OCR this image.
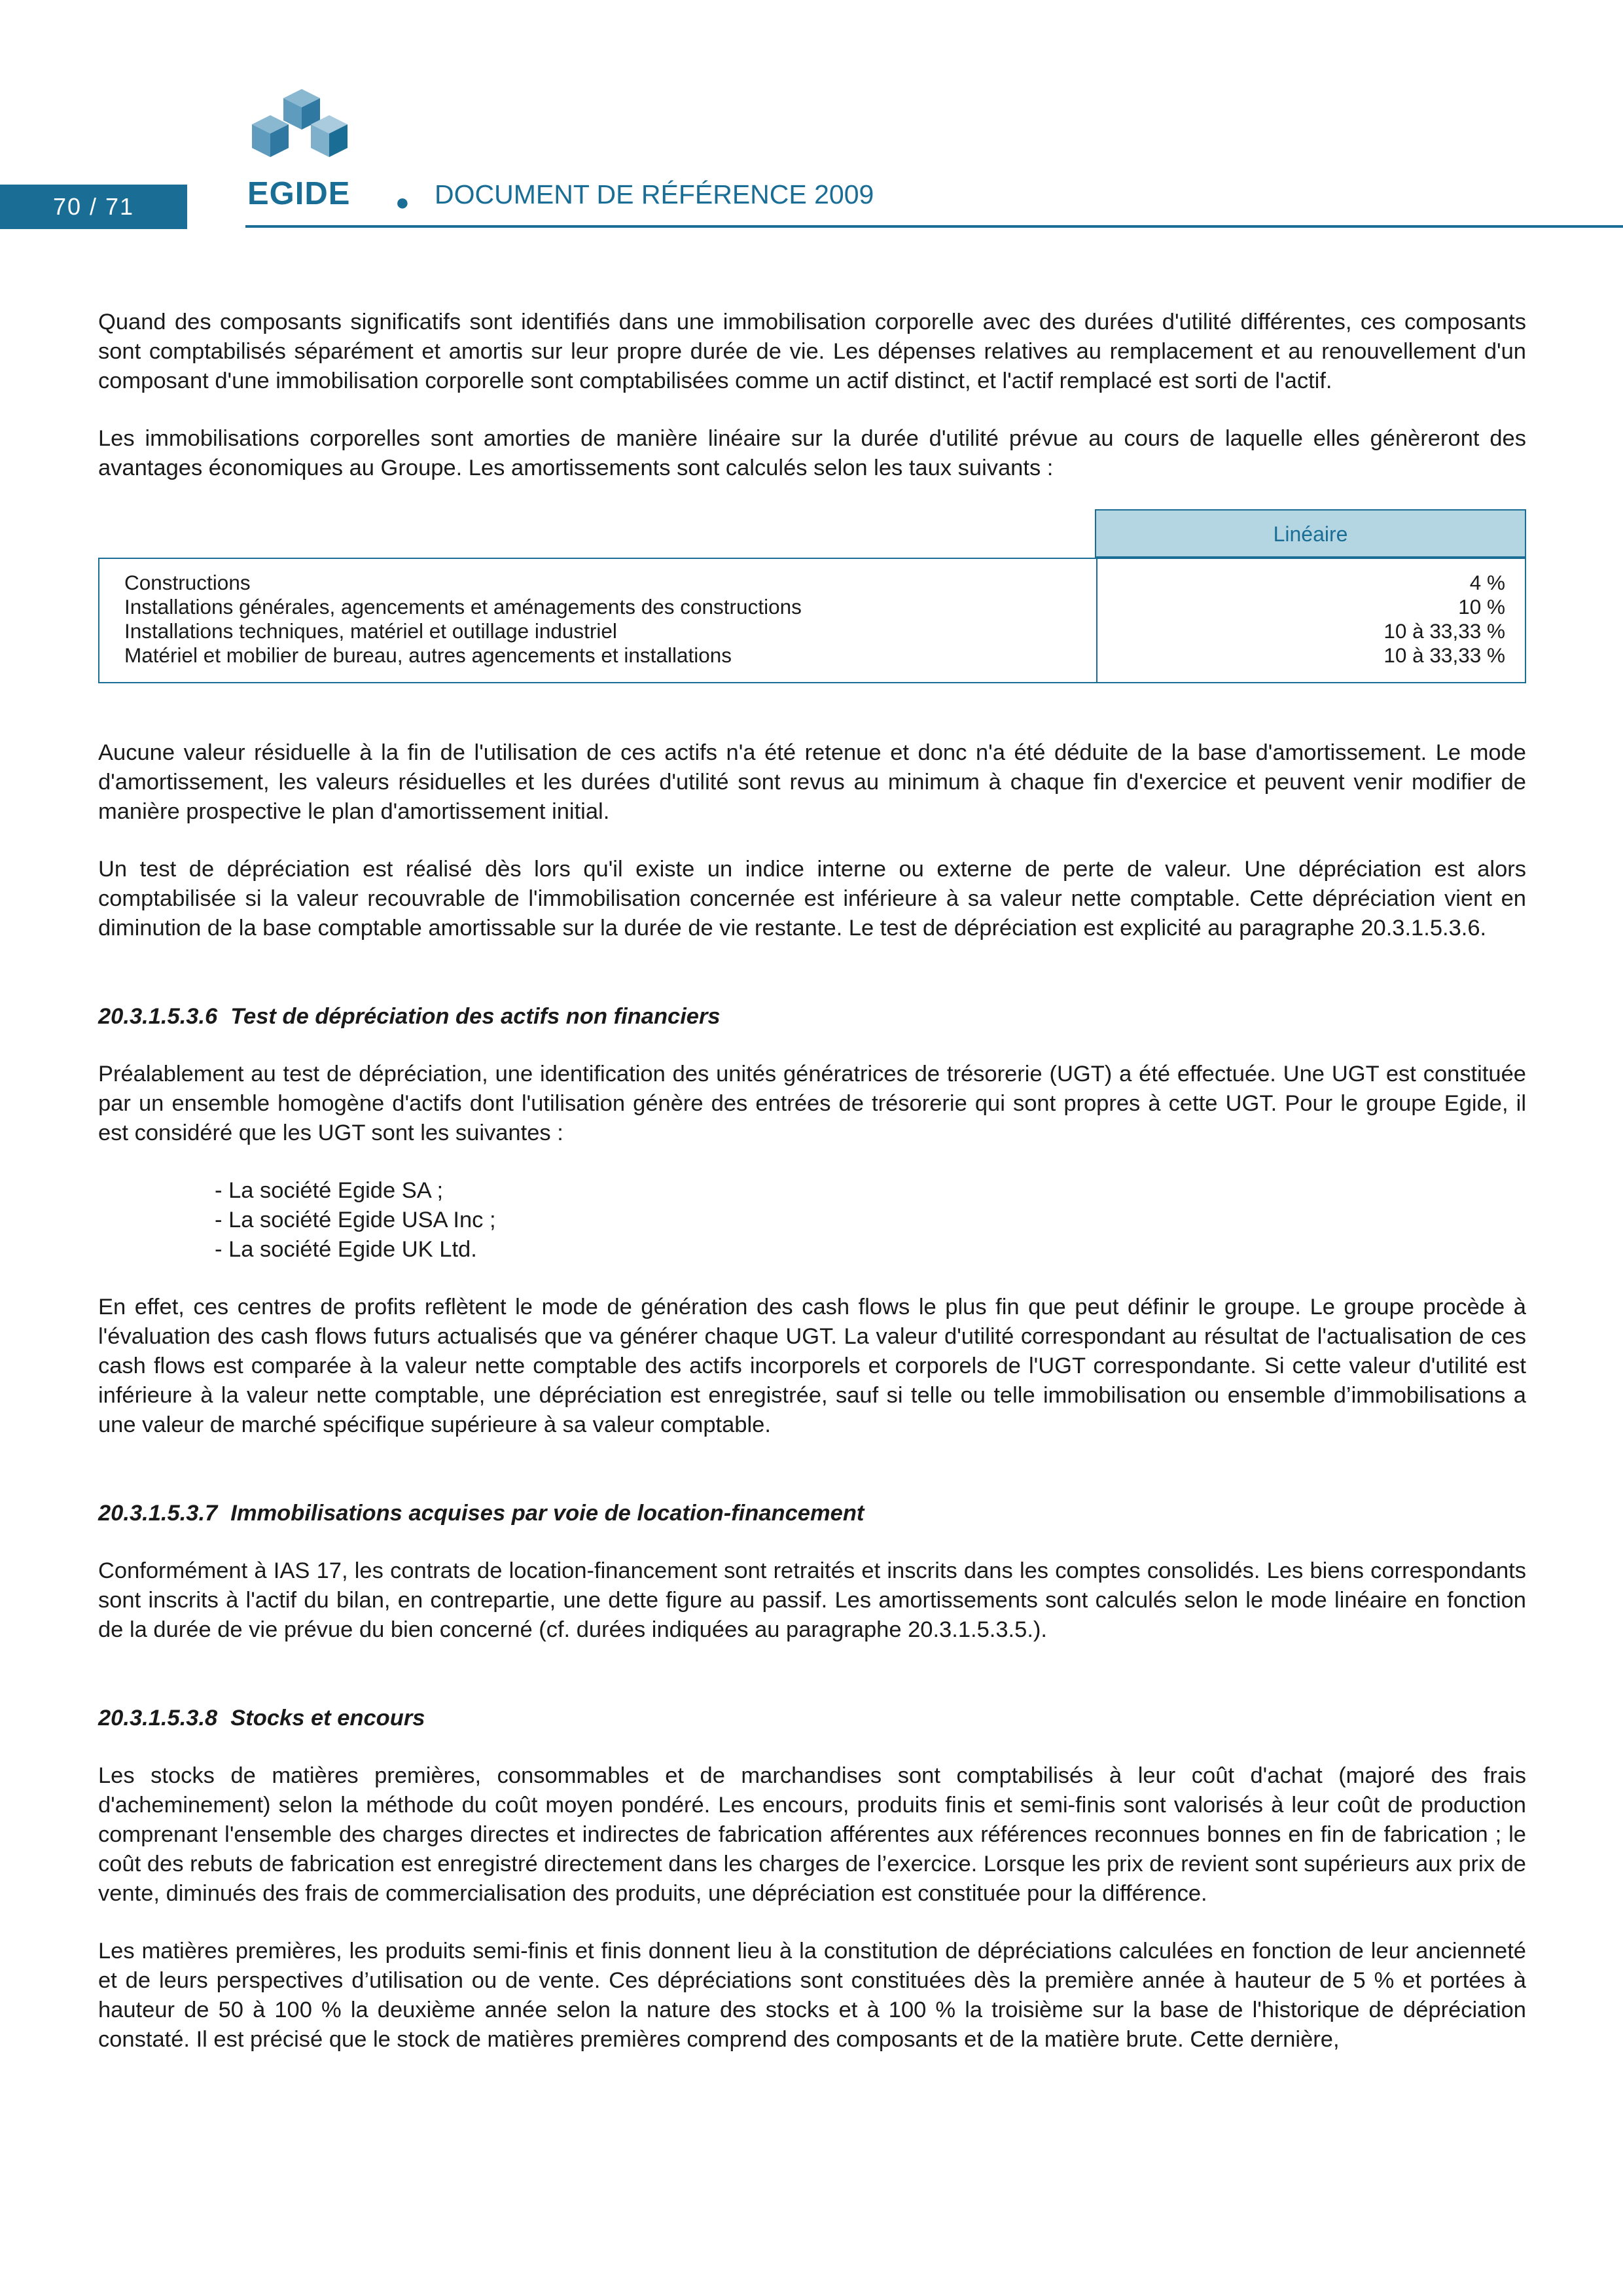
70 / 71	EGIDE ● DOCUMENT DE RÉFÉRENCE 2009

Quand des composants significatifs sont identifiés dans une immobilisation corporelle avec des durées d'utilité différentes, ces composants sont comptabilisés séparément et amortis sur leur propre durée de vie. Les dépenses relatives au remplacement et au renouvellement d'un composant d'une immobilisation corporelle sont comptabilisées comme un actif distinct, et l'actif remplacé est sorti de l'actif.

Les immobilisations corporelles sont amorties de manière linéaire sur la durée d'utilité prévue au cours de laquelle elles génèreront des avantages économiques au Groupe. Les amortissements sont calculés selon les taux suivants :

Linéaire
Constructions
Installations générales, agencements et aménagements des constructions
Installations techniques, matériel et outillage industriel
Matériel et mobilier de bureau, autres agencements et installations
4 %
10 %
10 à 33,33 %
10 à 33,33 %

Aucune valeur résiduelle à la fin de l'utilisation de ces actifs n'a été retenue et donc n'a été déduite de la base d'amortissement. Le mode d'amortissement, les valeurs résiduelles et les durées d'utilité sont revus au minimum à chaque fin d'exercice et peuvent venir modifier de manière prospective le plan d'amortissement initial.

Un test de dépréciation est réalisé dès lors qu'il existe un indice interne ou externe de perte de valeur. Une dépréciation est alors comptabilisée si la valeur recouvrable de l'immobilisation concernée est inférieure à sa valeur nette comptable. Cette dépréciation vient en diminution de la base comptable amortissable sur la durée de vie restante. Le test de dépréciation est explicité au paragraphe 20.3.1.5.3.6.

20.3.1.5.3.6 Test de dépréciation des actifs non financiers

Préalablement au test de dépréciation, une identification des unités génératrices de trésorerie (UGT) a été effectuée. Une UGT est constituée par un ensemble homogène d'actifs dont l'utilisation génère des entrées de trésorerie qui sont propres à cette UGT. Pour le groupe Egide, il est considéré que les UGT sont les suivantes :

- La société Egide SA ;
- La société Egide USA Inc ;
- La société Egide UK Ltd.

En effet, ces centres de profits reflètent le mode de génération des cash flows le plus fin que peut définir le groupe. Le groupe procède à l'évaluation des cash flows futurs actualisés que va générer chaque UGT. La valeur d'utilité correspondant au résultat de l'actualisation de ces cash flows est comparée à la valeur nette comptable des actifs incorporels et corporels de l'UGT correspondante. Si cette valeur d'utilité est inférieure à la valeur nette comptable, une dépréciation est enregistrée, sauf si telle ou telle immobilisation ou ensemble d’immobilisations a une valeur de marché spécifique supérieure à sa valeur comptable.

20.3.1.5.3.7 Immobilisations acquises par voie de location-financement

Conformément à IAS 17, les contrats de location-financement sont retraités et inscrits dans les comptes consolidés. Les biens correspondants sont inscrits à l'actif du bilan, en contrepartie, une dette figure au passif. Les amortissements sont calculés selon le mode linéaire en fonction de la durée de vie prévue du bien concerné (cf. durées indiquées au paragraphe 20.3.1.5.3.5.).

20.3.1.5.3.8 Stocks et encours

Les stocks de matières premières, consommables et de marchandises sont comptabilisés à leur coût d'achat (majoré des frais d'acheminement) selon la méthode du coût moyen pondéré. Les encours, produits finis et semi-finis sont valorisés à leur coût de production comprenant l'ensemble des charges directes et indirectes de fabrication afférentes aux références reconnues bonnes en fin de fabrication ; le coût des rebuts de fabrication est enregistré directement dans les charges de l’exercice. Lorsque les prix de revient sont supérieurs aux prix de vente, diminués des frais de commercialisation des produits, une dépréciation est constituée pour la différence.

Les matières premières, les produits semi-finis et finis donnent lieu à la constitution de dépréciations calculées en fonction de leur ancienneté et de leurs perspectives d’utilisation ou de vente. Ces dépréciations sont constituées dès la première année à hauteur de 5 % et portées à hauteur de 50 à 100 % la deuxième année selon la nature des stocks et à 100 % la troisième sur la base de l'historique de dépréciation constaté. Il est précisé que le stock de matières premières comprend des composants et de la matière brute. Cette dernière,
